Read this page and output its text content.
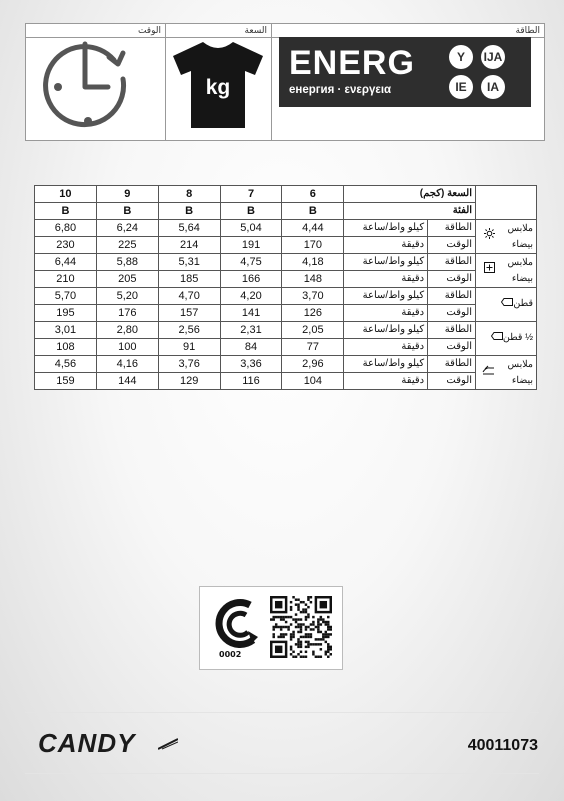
الوقت	السعة
kg
الطاقة
ENERG
енергия · ενεργεια
Y	IJA
IE	IA
10	9	8	7	6	السعة (كجم)		
B	B	B	B	B	الفئة		
6,80	6,24	5,64	5,04	4,44	كيلو واط/ساعة	الطاقة	ملابس بيضاء
230	225	214	191	170	دقيقة	الوقت	
6,44	5,88	5,31	4,75	4,18	كيلو واط/ساعة	الطاقة	ملابس بيضاء
210	205	185	166	148	دقيقة	الوقت	
5,70	5,20	4,70	4,20	3,70	كيلو واط/ساعة	الطاقة	قطن
195	176	157	141	126	دقيقة	الوقت	
3,01	2,80	2,56	2,31	2,05	كيلو واط/ساعة	الطاقة	½ قطن
108	100	91	84	77	دقيقة	الوقت	
4,56	4,16	3,76	3,36	2,96	كيلو واط/ساعة	الطاقة	ملابس بيضاء
159	144	129	116	104	دقيقة	الوقت	
0002
CANDY	40011073
